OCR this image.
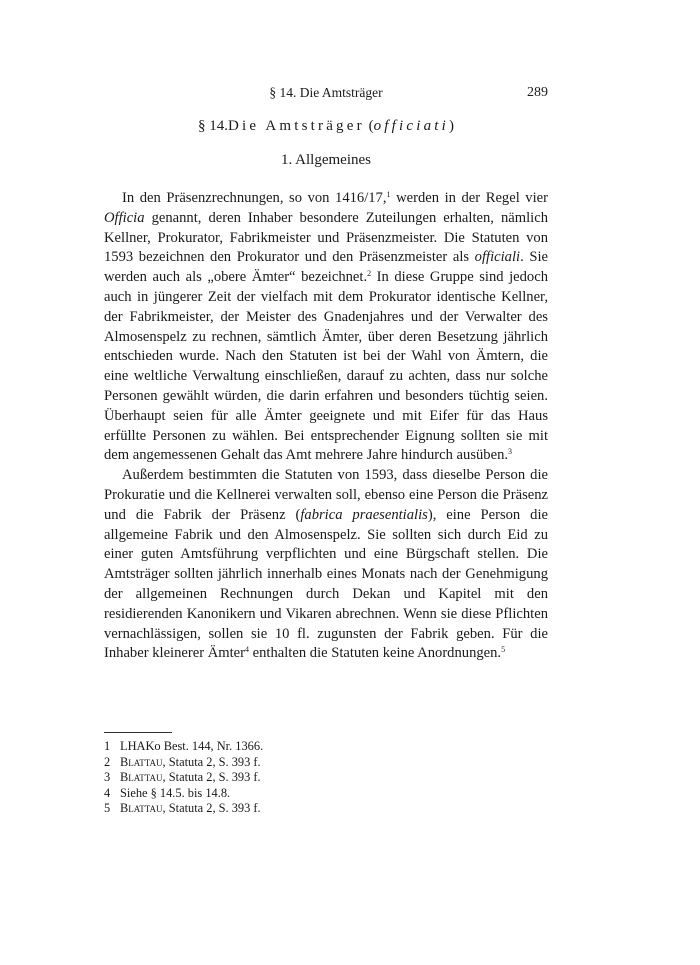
§ 14. Die Amtsträger	289
§ 14.Die Amtsträger (officiati)
1. Allgemeines

In den Präsenzrechnungen, so von 1416/17,$^1$ werden in der Regel vier Officia genannt, deren Inhaber besondere Zuteilungen erhalten, nämlich Kellner, Prokurator, Fabrikmeister und Präsenzmeister. Die Statuten von 1593 bezeichnen den Prokurator und den Präsenzmeister als officiali. Sie werden auch als „obere Ämter“ bezeichnet.$^2$ In diese Gruppe sind jedoch auch in jüngerer Zeit der vielfach mit dem Prokurator identische Kellner, der Fabrikmeister, der Meister des Gnadenjahres und der Verwalter des Almosenspelz zu rechnen, sämtlich Ämter, über deren Besetzung jährlich entschieden wurde. Nach den Statuten ist bei der Wahl von Ämtern, die eine weltliche Verwaltung einschließen, darauf zu achten, dass nur solche Personen gewählt würden, die darin erfahren und besonders tüchtig seien. Überhaupt seien für alle Ämter geeignete und mit Eifer für das Haus erfüllte Personen zu wählen. Bei entsprechender Eignung sollten sie mit dem angemessenen Gehalt das Amt mehrere Jahre hindurch ausüben.$^3$

Außerdem bestimmten die Statuten von 1593, dass dieselbe Person die Prokuratie und die Kellnerei verwalten soll, ebenso eine Person die Präsenz und die Fabrik der Präsenz (fabrica praesentialis), eine Person die allgemeine Fabrik und den Almosenspelz. Sie sollten sich durch Eid zu einer guten Amtsführung verpflichten und eine Bürgschaft stellen. Die Amtsträger sollten jährlich innerhalb eines Monats nach der Genehmigung der allgemeinen Rechnungen durch Dekan und Kapitel mit den residierenden Kanonikern und Vikaren abrechnen. Wenn sie diese Pflichten vernachlässigen, sollen sie 10 fl. zugunsten der Fabrik geben. Für die Inhaber kleinerer Ämter$^4$ enthalten die Statuten keine Anordnungen.$^5$

1 LHAKo Best. 144, Nr. 1366.
2 Blattau, Statuta 2, S. 393 f.
3 Blattau, Statuta 2, S. 393 f.
4 Siehe § 14.5. bis 14.8.
5 Blattau, Statuta 2, S. 393 f.
